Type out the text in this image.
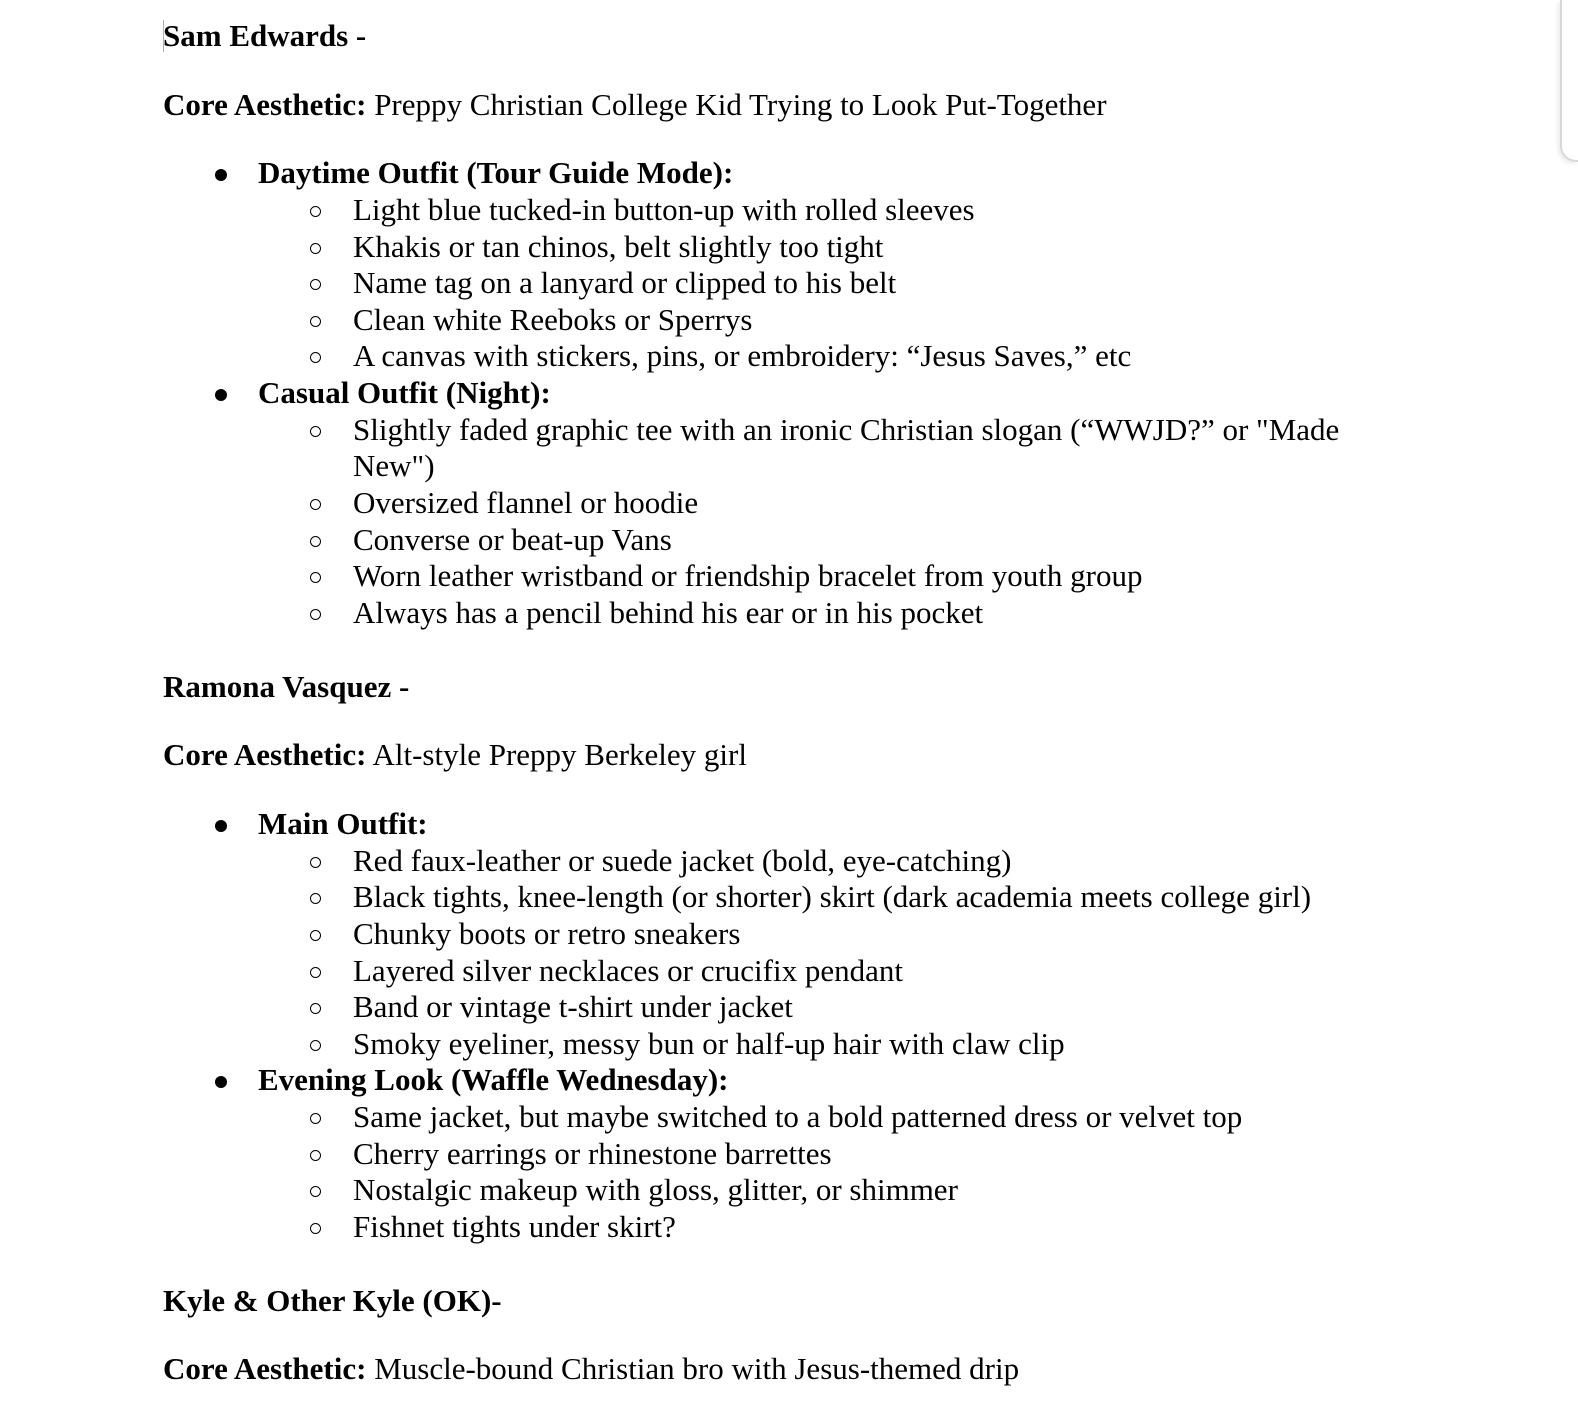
Sam Edwards -
Core Aesthetic: Preppy Christian College Kid Trying to Look Put-Together
Daytime Outfit (Tour Guide Mode):
Light blue tucked-in button-up with rolled sleeves
Khakis or tan chinos, belt slightly too tight
Name tag on a lanyard or clipped to his belt
Clean white Reeboks or Sperrys
A canvas with stickers, pins, or embroidery: “Jesus Saves,” etc
Casual Outfit (Night):
Slightly faded graphic tee with an ironic Christian slogan (“WWJD?” or "Made
New")
Oversized flannel or hoodie
Converse or beat-up Vans
Worn leather wristband or friendship bracelet from youth group
Always has a pencil behind his ear or in his pocket
Ramona Vasquez -
Core Aesthetic: Alt-style Preppy Berkeley girl
Main Outfit:
Red faux-leather or suede jacket (bold, eye-catching)
Black tights, knee-length (or shorter) skirt (dark academia meets college girl)
Chunky boots or retro sneakers
Layered silver necklaces or crucifix pendant
Band or vintage t-shirt under jacket
Smoky eyeliner, messy bun or half-up hair with claw clip
Evening Look (Waffle Wednesday):
Same jacket, but maybe switched to a bold patterned dress or velvet top
Cherry earrings or rhinestone barrettes
Nostalgic makeup with gloss, glitter, or shimmer
Fishnet tights under skirt?
Kyle & Other Kyle (OK)-
Core Aesthetic: Muscle-bound Christian bro with Jesus-themed drip
